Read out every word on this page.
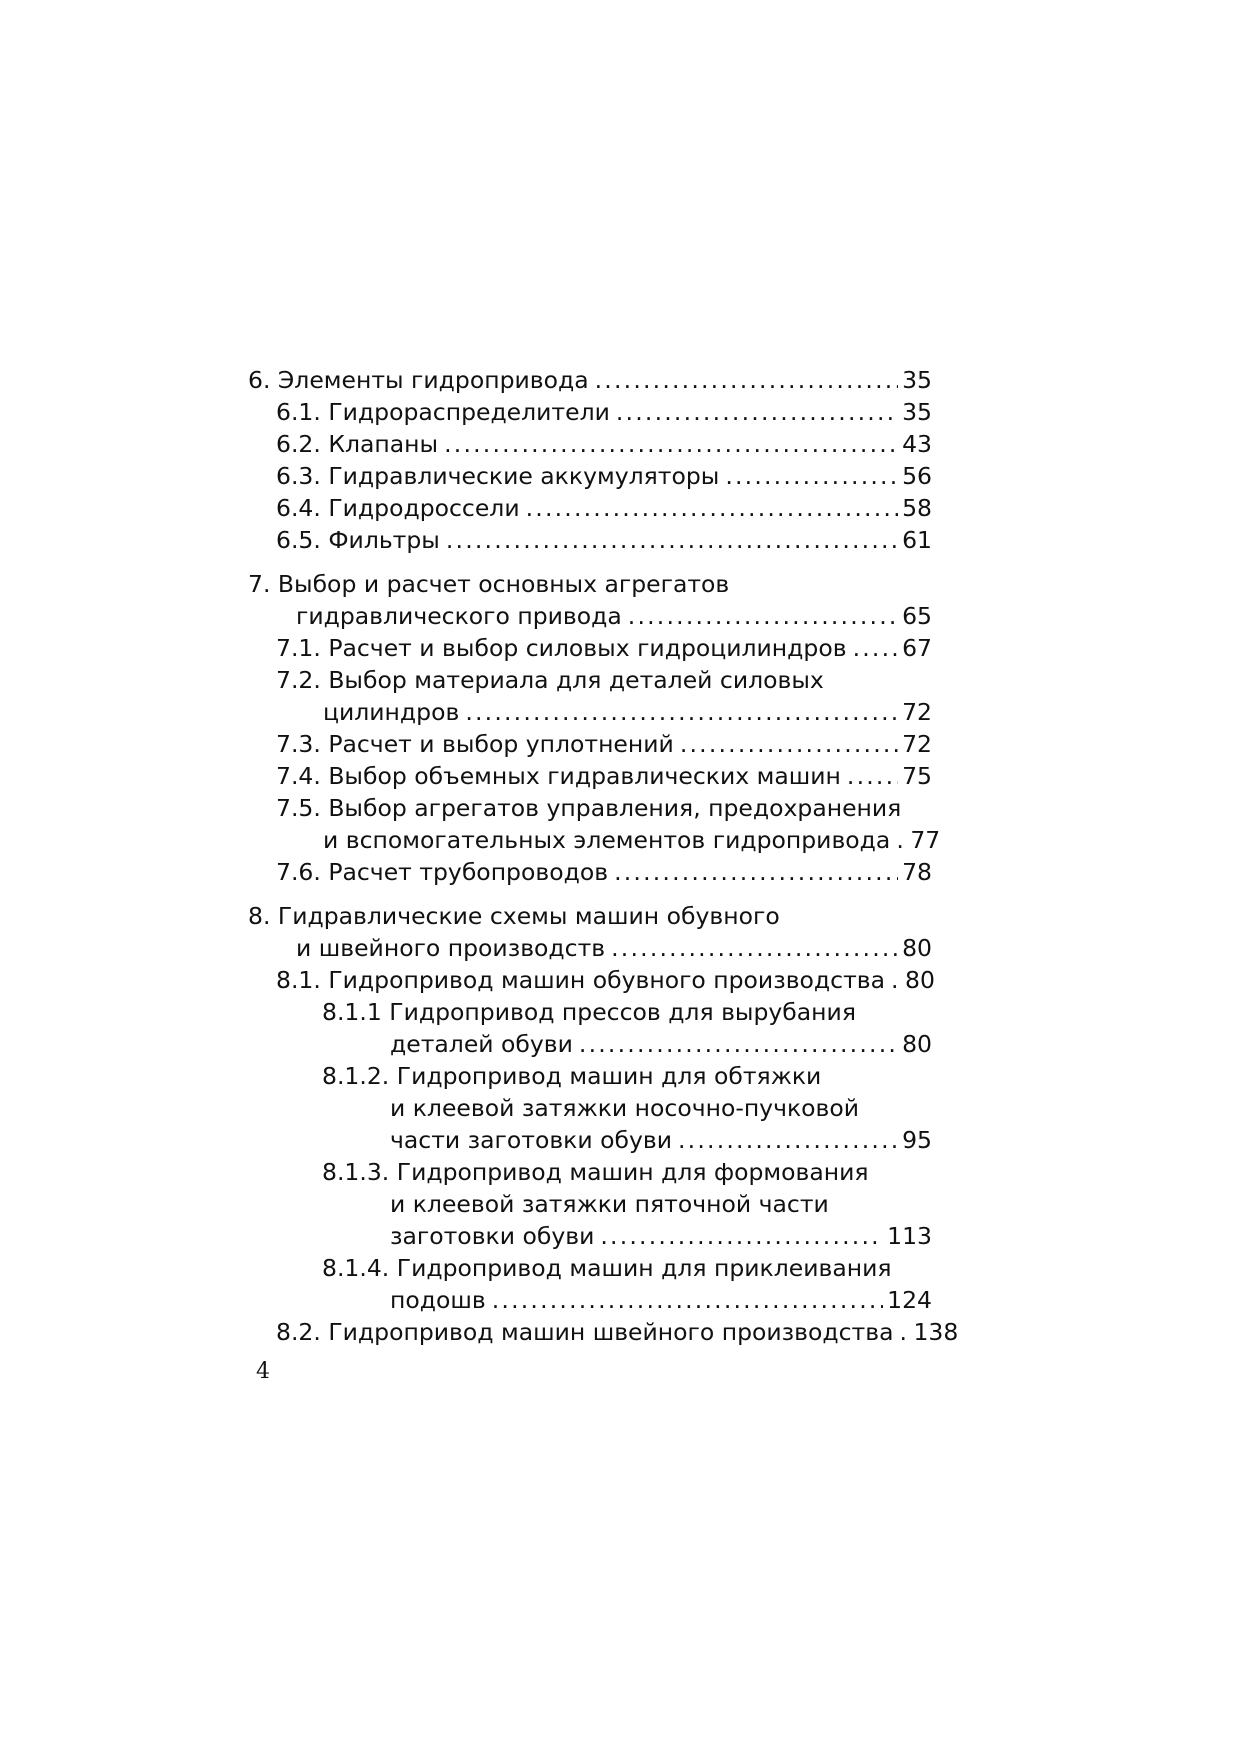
6. Элементы гидропривода .....	35
6.1. Гидрораспределители .....	35
6.2. Клапаны .....	43
6.3. Гидравлические аккумуляторы .....	56
6.4. Гидродроссели .....	58
6.5. Фильтры .....	61
7. Выбор и расчет основных агрегатов
гидравлического привода .....	65
7.1. Расчет и выбор силовых гидроцилиндров ..... 67
7.2. Выбор материала для деталей силовых
цилиндров .....	72
7.3. Расчет и выбор уплотнений .....	72
7.4. Выбор объемных гидравлических машин .....	75
7.5. Выбор агрегатов управления, предохранения
и вспомогательных элементов гидропривода ..... 77
7.6. Расчет трубопроводов .....	78
8. Гидравлические схемы машин обувного
и швейного производств .....	80
8.1. Гидропривод машин обувного производства ..... 80
8.1.1 Гидропривод прессов для вырубания
деталей обуви .....	80
8.1.2. Гидропривод машин для обтяжки
и клеевой затяжки носочно-пучковой
части заготовки обуви .....	95
8.1.3. Гидропривод машин для формования
и клеевой затяжки пяточной части
заготовки обуви .....	113
8.1.4. Гидропривод машин для приклеивания
подошв .....	124
8.2. Гидропривод машин швейного производства ..... 138
4
